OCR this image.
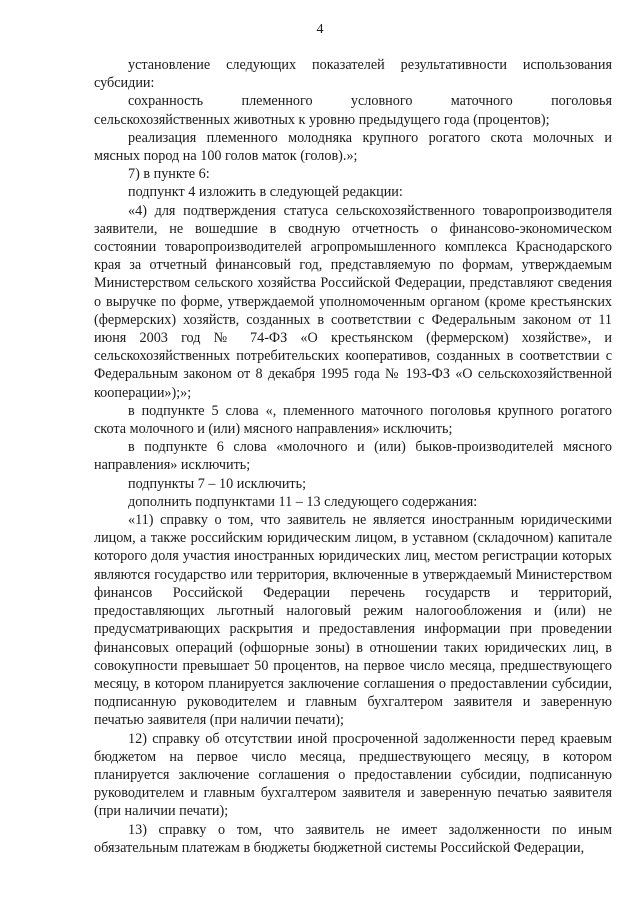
4

установление следующих показателей результативности использования субсидии:

сохранность племенного условного маточного поголовья сельскохозяйственных животных к уровню предыдущего года (процентов);

реализация племенного молодняка крупного рогатого скота молочных и мясных пород на 100 голов маток (голов).»;

7) в пункте 6:

подпункт 4 изложить в следующей редакции:

«4) для подтверждения статуса сельскохозяйственного товаропроизводителя заявители, не вошедшие в сводную отчетность о финансово-экономическом состоянии товаропроизводителей агропромышленного комплекса Краснодарского края за отчетный финансовый год, представляемую по формам, утверждаемым Министерством сельского хозяйства Российской Федерации, представляют сведения о выручке по форме, утверждаемой уполномоченным органом (кроме крестьянских (фермерских) хозяйств, созданных в соответствии с Федеральным законом от 11 июня 2003 год № 74-ФЗ «О крестьянском (фермерском) хозяйстве», и сельскохозяйственных потребительских кооперативов, созданных в соответствии с Федеральным законом от 8 декабря 1995 года № 193-ФЗ «О сельскохозяйственной кооперации»);»;

в подпункте 5 слова «, племенного маточного поголовья крупного рогатого скота молочного и (или) мясного направления» исключить;

в подпункте 6 слова «молочного и (или) быков-производителей мясного направления» исключить;

подпункты 7 – 10 исключить;

дополнить подпунктами 11 – 13 следующего содержания:

«11) справку о том, что заявитель не является иностранным юридическими лицом, а также российским юридическим лицом, в уставном (складочном) капитале которого доля участия иностранных юридических лиц, местом регистрации которых являются государство или территория, включенные в утверждаемый Министерством финансов Российской Федерации перечень государств и территорий, предоставляющих льготный налоговый режим налогообложения и (или) не предусматривающих раскрытия и предоставления информации при проведении финансовых операций (офшорные зоны) в отношении таких юридических лиц, в совокупности превышает 50 процентов, на первое число месяца, предшествующего месяцу, в котором планируется заключение соглашения о предоставлении субсидии, подписанную руководителем и главным бухгалтером заявителя и заверенную печатью заявителя (при наличии печати);

12) справку об отсутствии иной просроченной задолженности перед краевым бюджетом на первое число месяца, предшествующего месяцу, в котором планируется заключение соглашения о предоставлении субсидии, подписанную руководителем и главным бухгалтером заявителя и заверенную печатью заявителя (при наличии печати);

13) справку о том, что заявитель не имеет задолженности по иным обязательным платежам в бюджеты бюджетной системы Российской Федерации,
